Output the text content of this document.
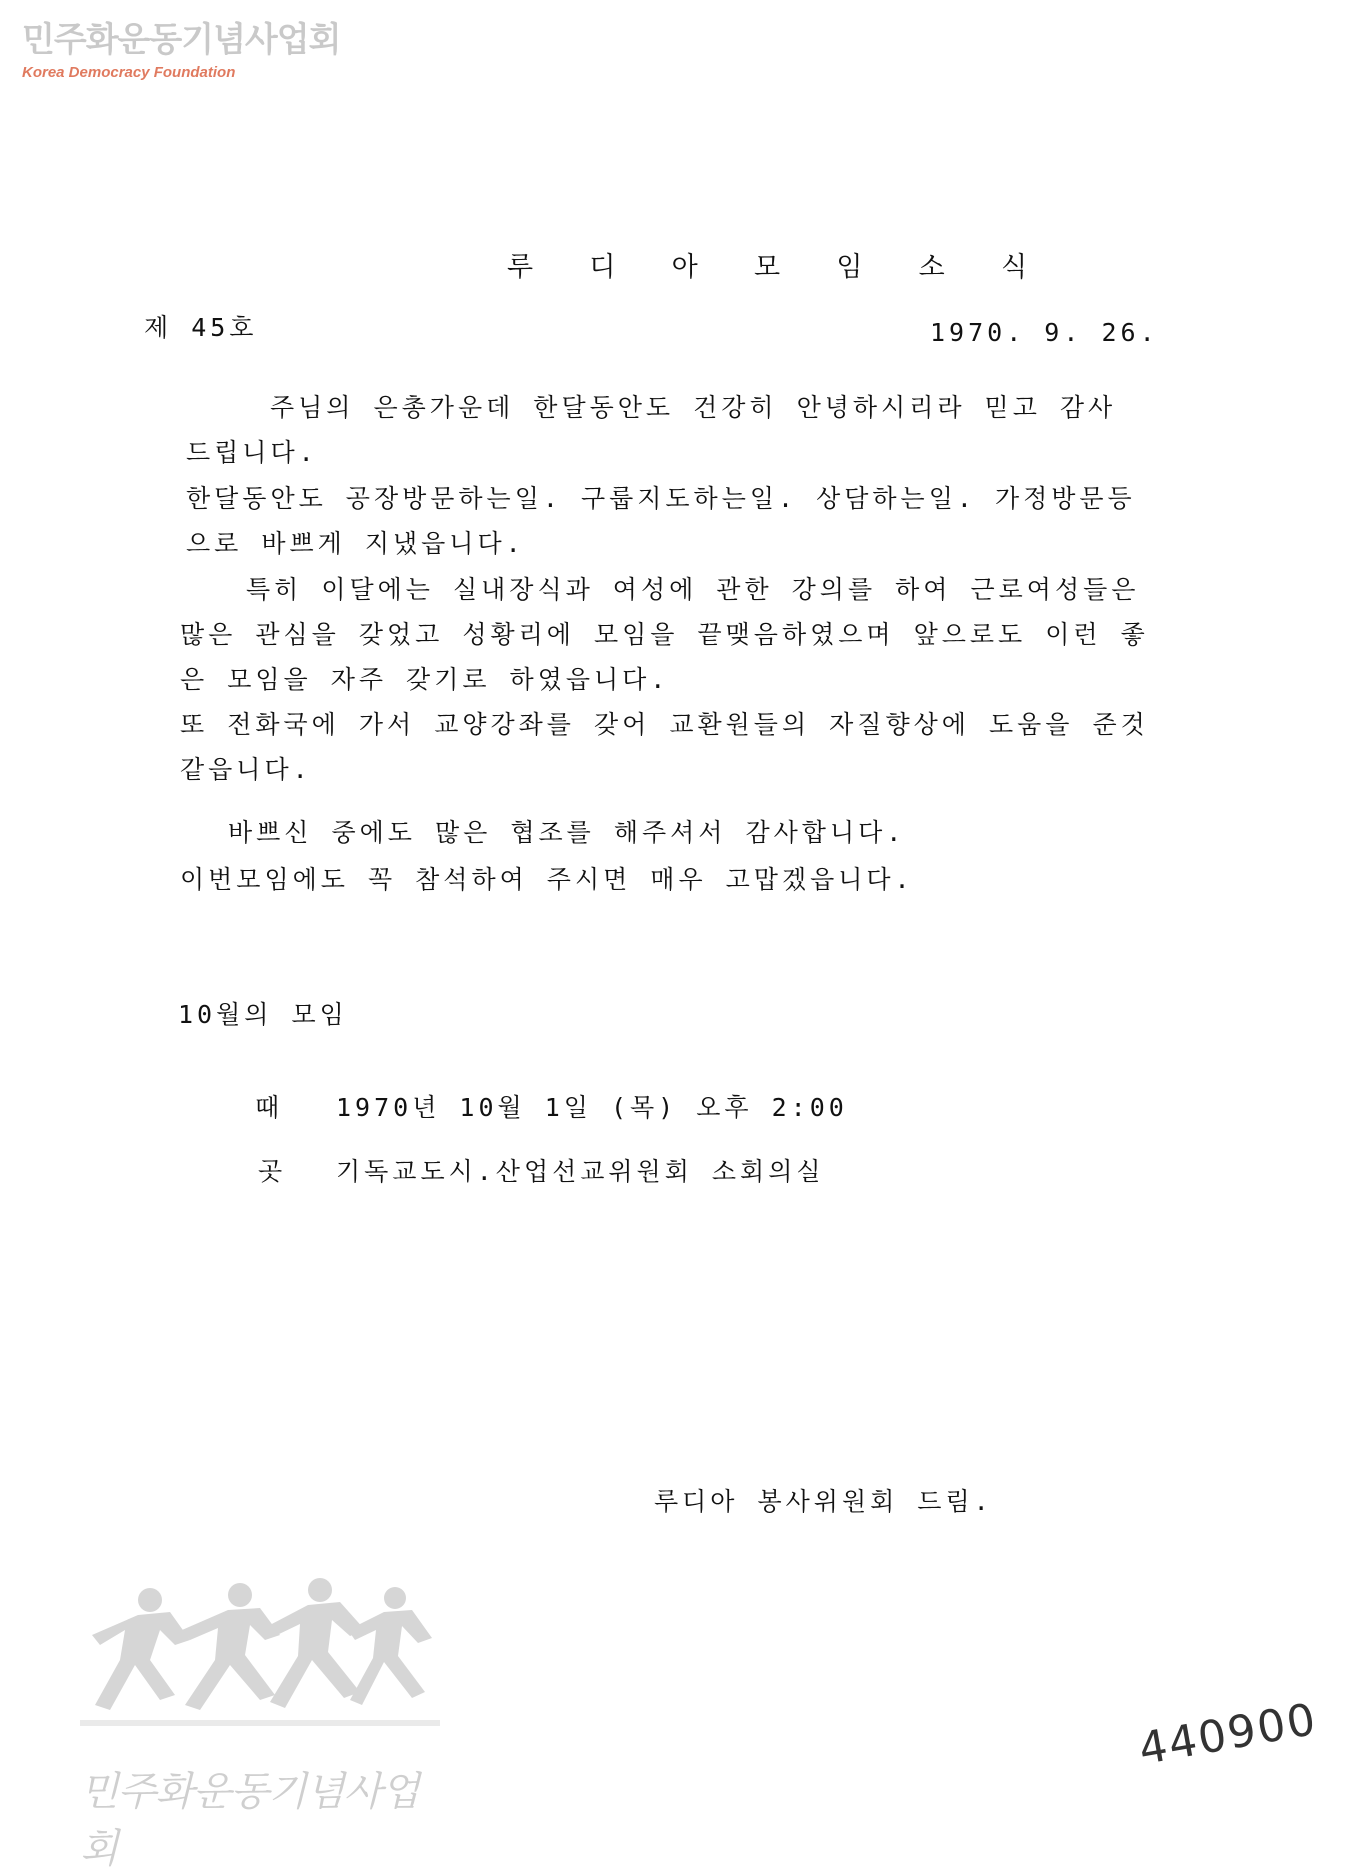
민주화운동기념사업회
Korea Democracy Foundation
루 디 아 모 임 소 식
제 45호	1970. 9. 26.
주님의 은총가운데 한달동안도 건강히 안녕하시리라 믿고 감사
드립니다.
한달동안도 공장방문하는일. 구룹지도하는일. 상담하는일. 가정방문등
으로 바쁘게 지냈읍니다.
특히 이달에는 실내장식과 여성에 관한 강의를 하여 근로여성들은
많은 관심을 갖었고 성황리에 모임을 끝맺음하였으며 앞으로도 이런 좋
은 모임을 자주 갖기로 하였읍니다.
또 전화국에 가서 교양강좌를 갖어 교환원들의 자질향상에 도움을 준것
같읍니다.
바쁘신 중에도 많은 협조를 해주셔서 감사합니다.
이번모임에도 꼭 참석하여 주시면 매우 고맙겠읍니다.
10월의 모임
때 1970년 10월 1일 (목) 오후 2:00
곳 기독교도시.산업선교위원회 소회의실
루디아 봉사위원회 드림.
민주화운동기념사업회
440900
